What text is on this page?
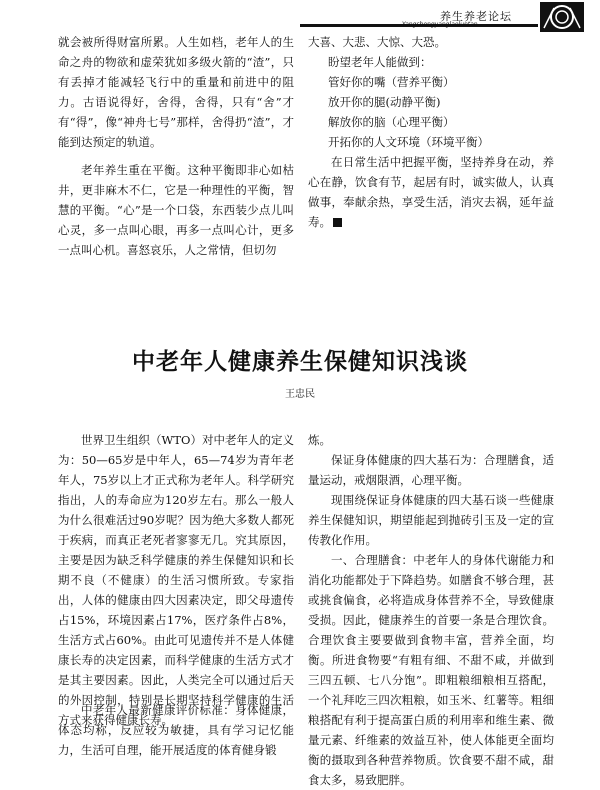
养生养老论坛
Yangshengyanglaoluntan

就会被所得财富所累。人生如档，老年人的生命之舟的物欲和虚荣犹如多级火箭的“渣”，只有丢掉才能减轻飞行中的重量和前进中的阻力。古语说得好，舍得，舍得，只有“舍”才有“得”，像“神舟七号”那样，舍得扔“渣”，才能到达预定的轨道。

老年养生重在平衡。这种平衡即非心如枯井，更非麻木不仁，它是一种理性的平衡，智慧的平衡。“心”是一个口袋，东西装少点儿叫心灵，多一点叫心眼，再多一点叫心计，更多一点叫心机。喜怒哀乐，人之常情，但切勿

大喜、大悲、大惊、大恐。
盼望老年人能做到：
管好你的嘴（营养平衡）
放开你的腿(动静平衡)
解放你的脑（心理平衡）
开拓你的人文环境（环境平衡）

在日常生活中把握平衡，坚持养身在动，养心在静，饮食有节，起居有时，诚实做人，认真做事，奉献余热，享受生活，消灾去祸，延年益寿。

中老年人健康养生保健知识浅谈
王忠民

世界卫生组织（WTO）对中老年人的定义为：50—65岁是中年人，65—74岁为青年老年人，75岁以上才正式称为老年人。科学研究指出，人的寿命应为120岁左右。那么一般人为什么很难活过90岁呢？因为绝大多数人都死于疾病，而真正老死者寥寥无几。究其原因，主要是因为缺乏科学健康的养生保健知识和长期不良（不健康）的生活习惯所致。专家指出，人体的健康由四大因素决定，即父母遗传占15%，环境因素占17%，医疗条件占8%，生活方式占60%。由此可见遗传并不是人体健康长寿的决定因素，而科学健康的生活方式才是其主要因素。因此，人类完全可以通过后天的外因控制，特别是长期坚持科学健康的生活方式来获得健康长寿。

中老年人最新健康评价标准：身体健康，体态均称，反应较为敏捷，具有学习记忆能力，生活可自理，能开展适度的体育健身锻

炼。

保证身体健康的四大基石为：合理膳食，适量运动，戒烟限酒，心理平衡。

现围绕保证身体健康的四大基石谈一些健康养生保健知识，期望能起到抛砖引玉及一定的宣传教化作用。

一、合理膳食：中老年人的身体代谢能力和消化功能都处于下降趋势。如膳食不够合理，甚或挑食偏食，必将造成身体营养不全，导致健康受损。因此，健康养生的首要一条是合理饮食。合理饮食主要要做到食物丰富，营养全面，均衡。所进食物要“有粗有细、不甜不咸，并做到三四五顿、七八分饱”。即粗粮细粮相互搭配，一个礼拜吃三四次粗粮，如玉米、红薯等。粗细粮搭配有利于提高蛋白质的利用率和维生素、微量元素、纤维素的效益互补，使人体能更全面均衡的摄取到各种营养物质。饮食要不甜不咸，甜食太多，易致肥胖。
